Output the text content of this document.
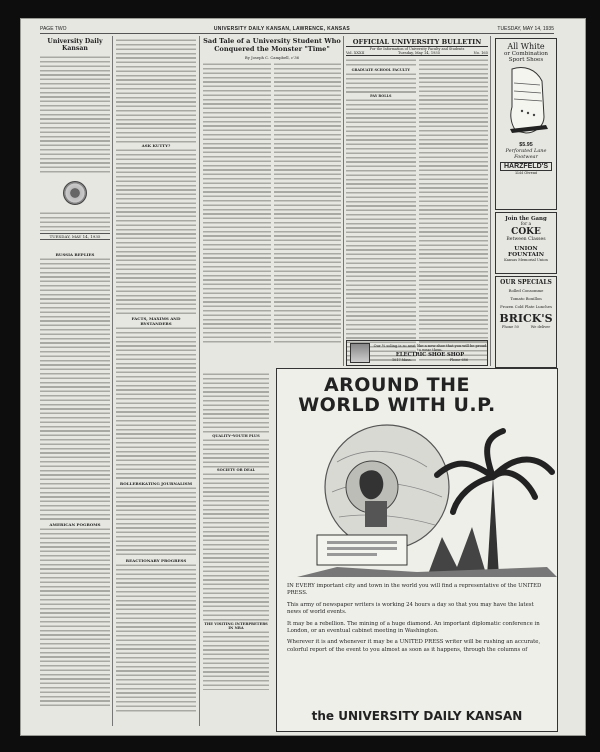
PAGE TWO	UNIVERSITY DAILY KANSAN, LAWRENCE, KANSAS	TUESDAY, MAY 14, 1935
University Daily Kansan
TUESDAY, MAY 14, 1935
RUSSIA REPLIES
AMERICAN POGROMS
ASK KUTTY?
FACTS, MAXIMS AND BYSTANDERS
ROLLERSKATING JOURNALISM
REACTIONARY PROGRESS
Sad Tale of a University Student Who Conquered the Monster "Time"
By Joseph C. Campbell, c'36
QUALITY--YOUTH PLUS
SOCIETY OR DEAL
THE VISITING INTERPRETERS IN NRA
OFFICIAL UNIVERSITY BULLETIN
For the Information of University Faculty and Students
Vol. XXXII	Tuesday, May 14, 1935	No. 165
GRADUATE SCHOOL FACULTY
PAY ROLLS
All White
or Combination
Sport Shoes
$5.95
Perforated Lane
Footwear
HARZFELD'S
1144 Ohread
Join the Gang
for a
COKE
Between Classes
UNION FOUNTAIN
Kansas Memorial Union
OUR SPECIALS
Rolled Consomme
Tomato Bouillon
Frozen Cold Plate Lunches
BRICK'S
Phone 50	We deliver
Our ½ soling is so neat like a new shoe that you will be proud to wear them.
ELECTRIC SHOE SHOP
1017 Mass.	Phone 686
AROUND THE WORLD WITH U.P.

IN EVERY important city and town in the world you will find a representative of the UNITED PRESS.

This army of newspaper writers is working 24 hours a day so that you may have the latest news of world events.

It may be a rebellion. The mining of a huge diamond. An important diplomatic conference in London, or an eventual cabinet meeting in Washington.

Wherever it is and whenever it may be a UNITED PRESS writer will be rushing an accurate, colorful report of the event to you almost as soon as it happens, through the columns of

the UNIVERSITY DAILY KANSAN
